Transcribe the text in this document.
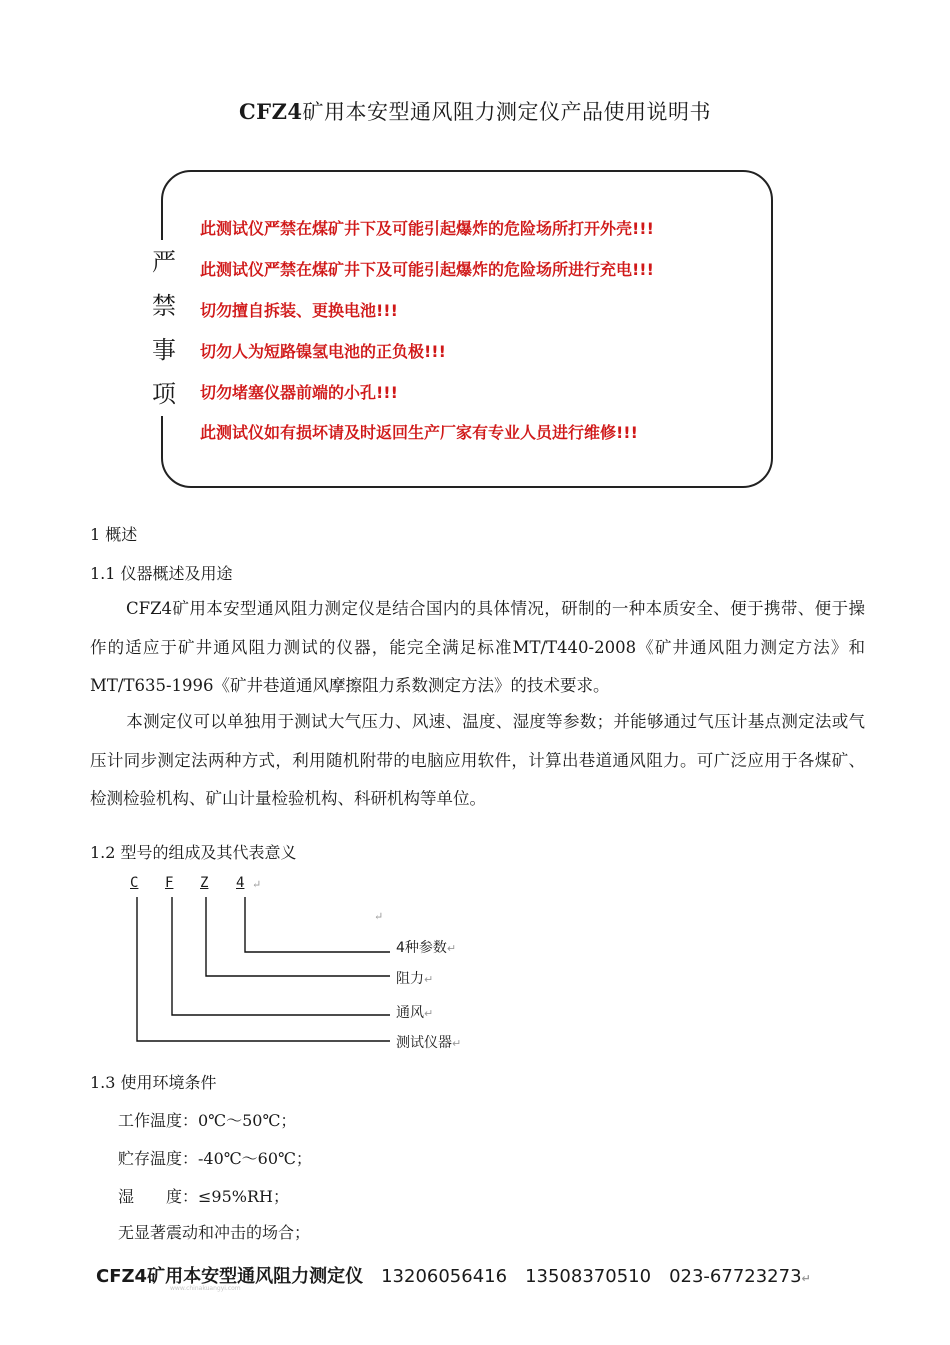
CFZ4矿用本安型通风阻力测定仪产品使用说明书
严
禁
事
项
此测试仪严禁在煤矿井下及可能引起爆炸的危险场所打开外壳!!!
此测试仪严禁在煤矿井下及可能引起爆炸的危险场所进行充电!!!
切勿擅自拆装、更换电池!!!
切勿人为短路镍氢电池的正负极!!!
切勿堵塞仪器前端的小孔!!!
此测试仪如有损坏请及时返回生产厂家有专业人员进行维修!!!
1 概述
1.1 仪器概述及用途
CFZ4矿用本安型通风阻力测定仪是结合国内的具体情况，研制的一种本质安全、便于携带、便于操作的适应于矿井通风阻力测试的仪器，能完全满足标准MT/T440-2008《矿井通风阻力测定方法》和MT/T635-1996《矿井巷道通风摩擦阻力系数测定方法》的技术要求。
本测定仪可以单独用于测试大气压力、风速、温度、湿度等参数；并能够通过气压计基点测定法或气压计同步测定法两种方式，利用随机附带的电脑应用软件，计算出巷道通风阻力。可广泛应用于各煤矿、检测检验机构、矿山计量检验机构、科研机构等单位。
1.2 型号的组成及其代表意义
C F Z 4 ↵
↵
4种参数↵
阻力↵
通风↵
测试仪器↵
1.3 使用环境条件
工作温度：0℃～50℃；
贮存温度：-40℃～60℃；
湿　　度：≤95%RH；
无显著震动和冲击的场合；
CFZ4矿用本安型通风阻力测定仪 13206056416 13508370510 023-67723273↵
www.chinakuangyi.com
